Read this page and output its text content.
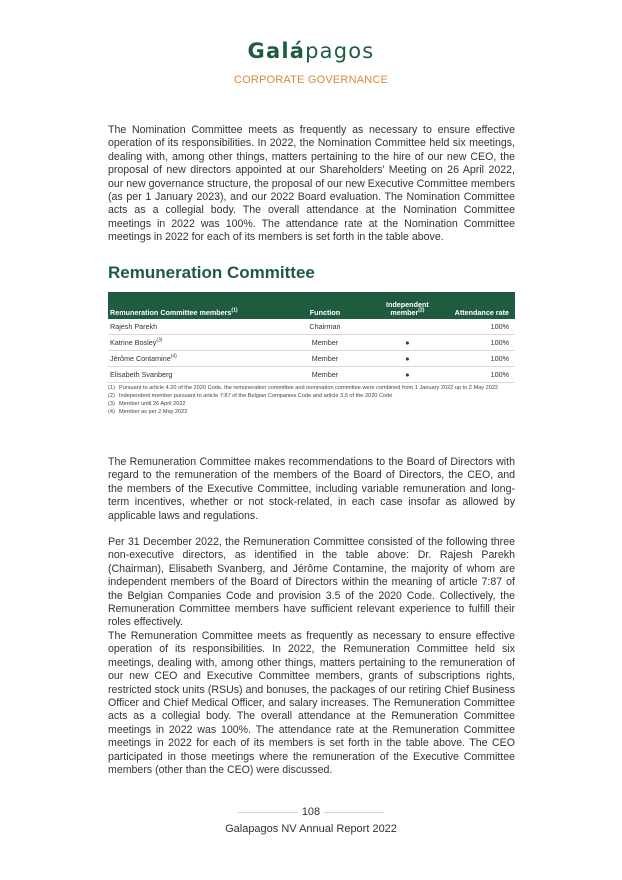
Galápagos
CORPORATE GOVERNANCE

The Nomination Committee meets as frequently as necessary to ensure effective operation of its responsibilities. In 2022, the Nomination Committee held six meetings, dealing with, among other things, matters pertaining to the hire of our new CEO, the proposal of new directors appointed at our Shareholders’ Meeting on 26 April 2022, our new governance structure, the proposal of our new Executive Committee members (as per 1 January 2023), and our 2022 Board evaluation. The Nomination Committee acts as a collegial body. The overall attendance at the Nomination Committee meetings in 2022 was 100%. The attendance rate at the Nomination Committee meetings in 2022 for each of its members is set forth in the table above.

Remuneration Committee
Remuneration Committee members$^{(1)}$	Function	Independent
member$^{(2)}$	Attendance rate
Rajesh Parekh	Chairman		100%
Katrine Bosley$^{(3)}$	Member	●	100%
Jérôme Contamine$^{(4)}$	Member	●	100%
Elisabeth Svanberg	Member	●	100%
(1) Pursuant to article 4.20 of the 2020 Code, the remuneration committee and nomination committee were combined from 1 January 2022 up to 2 May 2022
(2) Independent member pursuant to article 7:87 of the Belgian Companies Code and article 3.5 of the 2020 Code
(3) Member until 26 April 2022
(4) Member as per 2 May 2022

The Remuneration Committee makes recommendations to the Board of Directors with regard to the remuneration of the members of the Board of Directors, the CEO, and the members of the Executive Committee, including variable remuneration and long-term incentives, whether or not stock-related, in each case insofar as allowed by applicable laws and regulations.

Per 31 December 2022, the Remuneration Committee consisted of the following three non-executive directors, as identified in the table above: Dr. Rajesh Parekh (Chairman), Elisabeth Svanberg, and Jérôme Contamine, the majority of whom are independent members of the Board of Directors within the meaning of article 7:87 of the Belgian Companies Code and provision 3.5 of the 2020 Code. Collectively, the Remuneration Committee members have sufficient relevant experience to fulfill their roles effectively.

The Remuneration Committee meets as frequently as necessary to ensure effective operation of its responsibilities. In 2022, the Remuneration Committee held six meetings, dealing with, among other things, matters pertaining to the remuneration of our new CEO and Executive Committee members, grants of subscriptions rights, restricted stock units (RSUs) and bonuses, the packages of our retiring Chief Business Officer and Chief Medical Officer, and salary increases. The Remuneration Committee acts as a collegial body. The overall attendance at the Remuneration Committee meetings in 2022 was 100%. The attendance rate at the Remuneration Committee meetings in 2022 for each of its members is set forth in the table above. The CEO participated in those meetings where the remuneration of the Executive Committee members (other than the CEO) were discussed.

108
Galapagos NV Annual Report 2022
